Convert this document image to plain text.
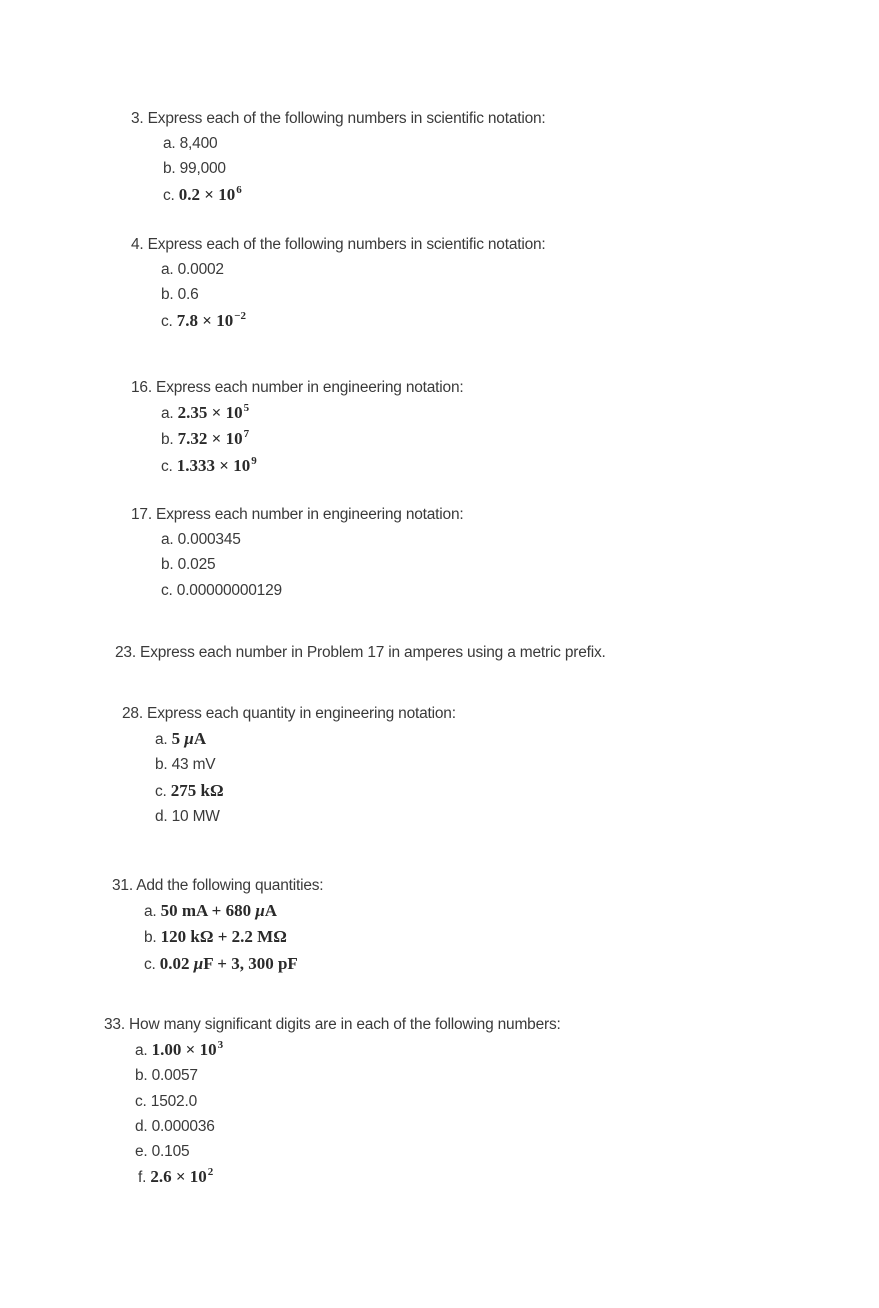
3. Express each of the following numbers in scientific notation:
a. 8,400
b. 99,000
c. $0.2 \times 10^6$
4. Express each of the following numbers in scientific notation:
a. 0.0002
b. 0.6
c. $7.8 \times 10^{-2}$
16. Express each number in engineering notation:
a. $2.35 \times 10^5$
b. $7.32 \times 10^7$
c. $1.333 \times 10^9$
17. Express each number in engineering notation:
a. 0.000345
b. 0.025
c. 0.00000000129
23. Express each number in Problem 17 in amperes using a metric prefix.
28. Express each quantity in engineering notation:
a. 5 μA
b. 43 mV
c. 275 kΩ
d. 10 MW
31. Add the following quantities:
a. 50 mA + 680 μA
b. 120 kΩ + 2.2 MΩ
c. 0.02 μF + 3, 300 pF
33. How many significant digits are in each of the following numbers:
a. $1.00 \times 10^3$
b. 0.0057
c. 1502.0
d. 0.000036
e. 0.105
f. $2.6 \times 10^2$
